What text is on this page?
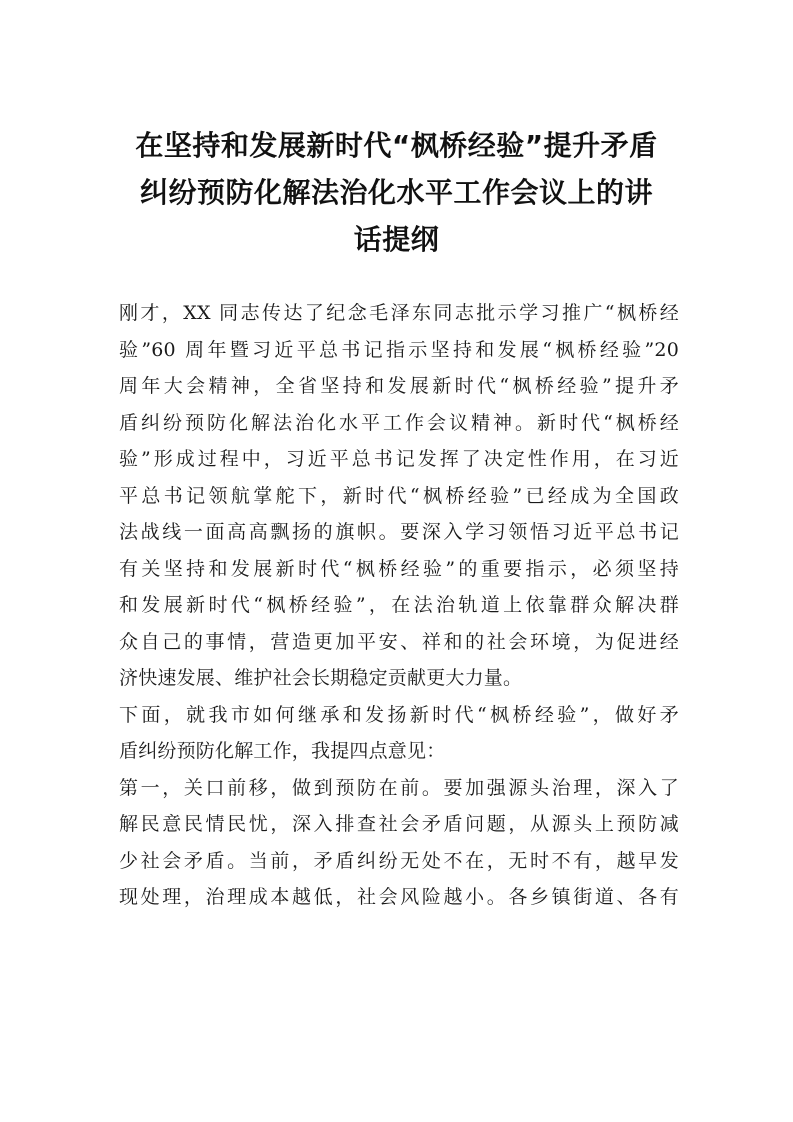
在坚持和发展新时代“枫桥经验”提升矛盾
纠纷预防化解法治化水平工作会议上的讲
话提纲

刚才，XX 同志传达了纪念毛泽东同志批示学习推广“枫桥经
验”60 周年暨习近平总书记指示坚持和发展“枫桥经验”20
周年大会精神，全省坚持和发展新时代“枫桥经验”提升矛
盾纠纷预防化解法治化水平工作会议精神。新时代“枫桥经
验”形成过程中，习近平总书记发挥了决定性作用，在习近
平总书记领航掌舵下，新时代“枫桥经验”已经成为全国政
法战线一面高高飘扬的旗帜。要深入学习领悟习近平总书记
有关坚持和发展新时代“枫桥经验”的重要指示，必须坚持
和发展新时代“枫桥经验”，在法治轨道上依靠群众解决群
众自己的事情，营造更加平安、祥和的社会环境，为促进经
济快速发展、维护社会长期稳定贡献更大力量。

下面，就我市如何继承和发扬新时代“枫桥经验”，做好矛
盾纠纷预防化解工作，我提四点意见：

第一，关口前移，做到预防在前。要加强源头治理，深入了
解民意民情民忧，深入排查社会矛盾问题，从源头上预防减
少社会矛盾。当前，矛盾纠纷无处不在，无时不有，越早发
现处理，治理成本越低，社会风险越小。各乡镇街道、各有
